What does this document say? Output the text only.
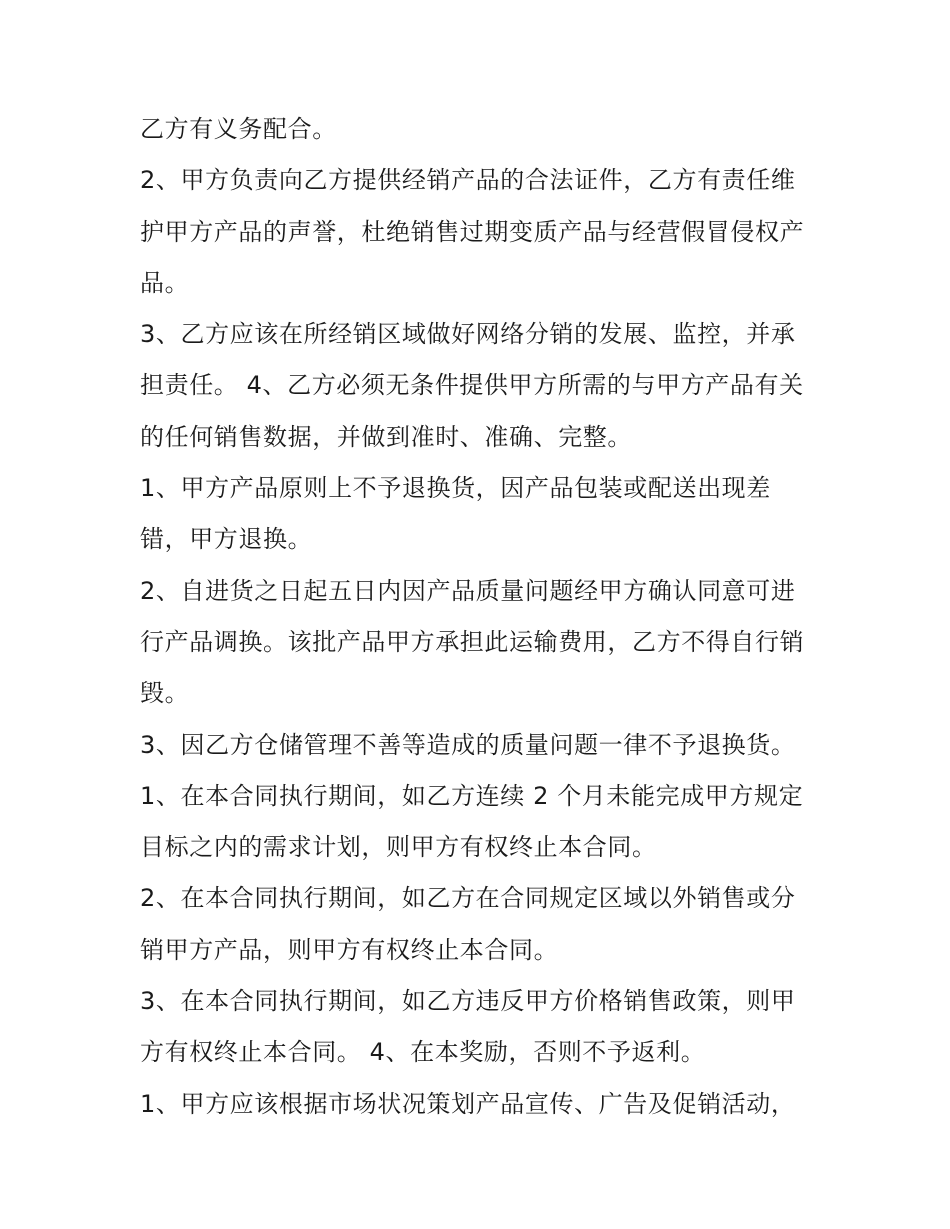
乙方有义务配合。
2、甲方负责向乙方提供经销产品的合法证件，乙方有责任维
护甲方产品的声誉，杜绝销售过期变质产品与经营假冒侵权产
品。
3、乙方应该在所经销区域做好网络分销的发展、监控，并承
担责任。 4、乙方必须无条件提供甲方所需的与甲方产品有关
的任何销售数据，并做到准时、准确、完整。
1、甲方产品原则上不予退换货，因产品包装或配送出现差
错，甲方退换。
2、自进货之日起五日内因产品质量问题经甲方确认同意可进
行产品调换。该批产品甲方承担此运输费用，乙方不得自行销
毁。
3、因乙方仓储管理不善等造成的质量问题一律不予退换货。
1、在本合同执行期间，如乙方连续 2 个月未能完成甲方规定
目标之内的需求计划，则甲方有权终止本合同。
2、在本合同执行期间，如乙方在合同规定区域以外销售或分
销甲方产品，则甲方有权终止本合同。
3、在本合同执行期间，如乙方违反甲方价格销售政策，则甲
方有权终止本合同。 4、在本奖励，否则不予返利。
1、甲方应该根据市场状况策划产品宣传、广告及促销活动，
